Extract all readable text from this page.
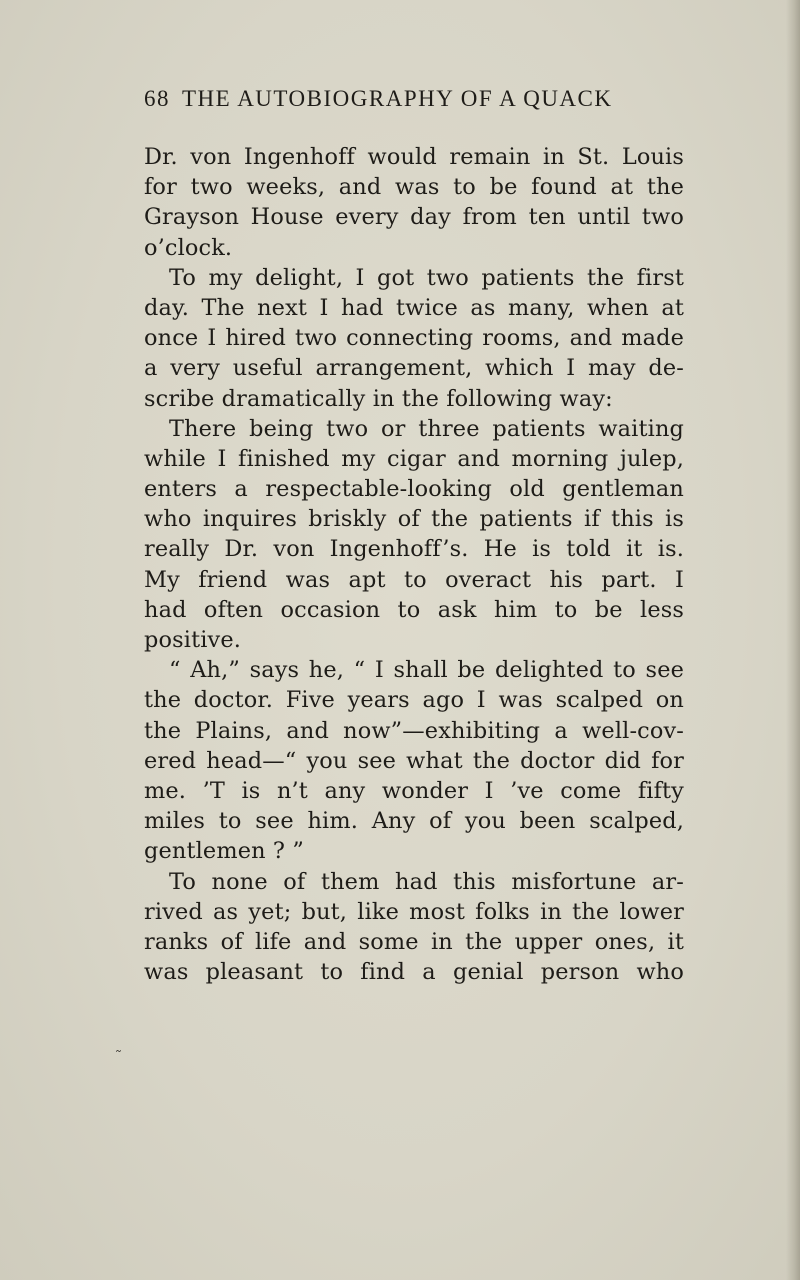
68 THE AUTOBIOGRAPHY OF A QUACK
Dr. von Ingenhoff would remain in St. Louis
for two weeks, and was to be found at the
Grayson House every day from ten until two
o’clock.
To my delight, I got two patients the first
day. The next I had twice as many, when at
once I hired two connecting rooms, and made
a very useful arrangement, which I may de-
scribe dramatically in the following way:
There being two or three patients waiting
while I finished my cigar and morning julep,
enters a respectable-looking old gentleman
who inquires briskly of the patients if this is
really Dr. von Ingenhoff’s. He is told it is.
My friend was apt to overact his part. I
had often occasion to ask him to be less
positive.
“ Ah,” says he, “ I shall be delighted to see
the doctor. Five years ago I was scalped on
the Plains, and now”—exhibiting a well-cov-
ered head—“ you see what the doctor did for
me. ’T is n’t any wonder I ’ve come fifty
miles to see him. Any of you been scalped,
gentlemen ? ”
To none of them had this misfortune ar-
rived as yet; but, like most folks in the lower
ranks of life and some in the upper ones, it
was pleasant to find a genial person who
˜
